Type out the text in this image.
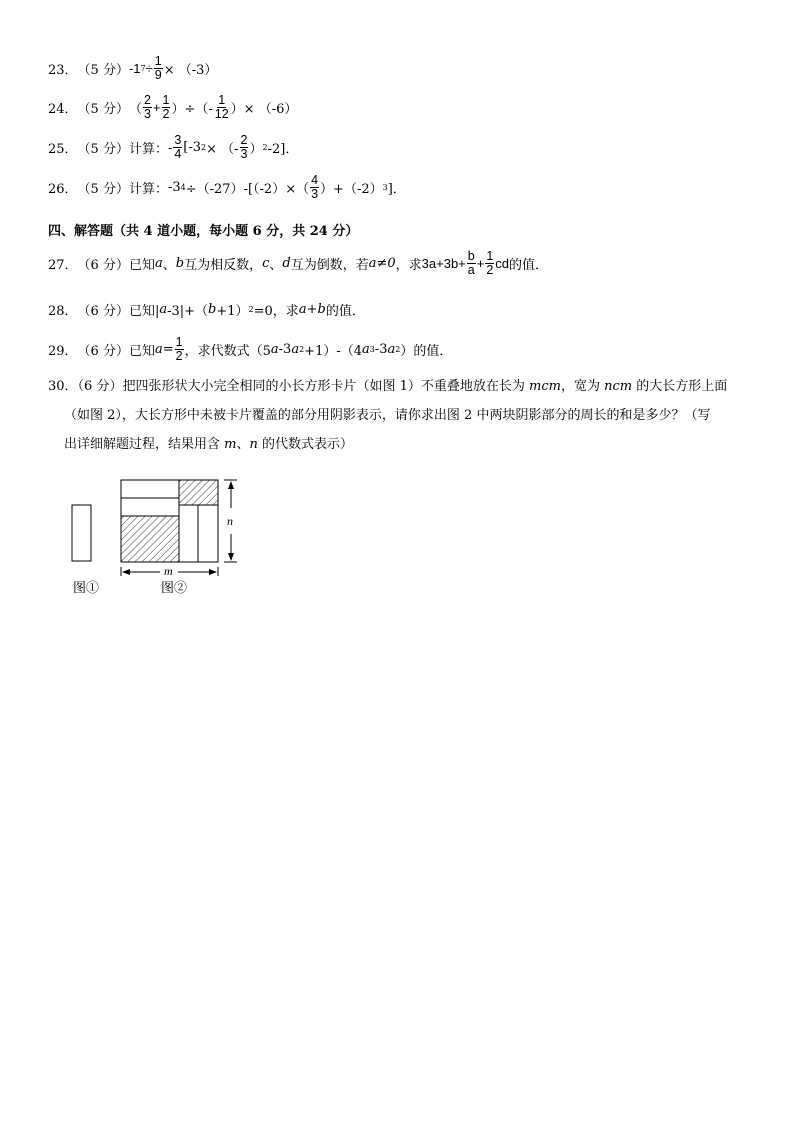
23． （5 分） -1 $7 \div \frac{1}{9} \times (-3)$
24． （5 分） （ $\frac{2}{3} + \frac{1}{2}$ ）÷（- $\frac{1}{12}$ ）× （-6）
25． （5 分） 计算： - $\frac{3}{4} [-3$ 2 × （- $\frac{2}{3}$ ） 2 -2]．
26． （5 分） 计算： -3 $4 \div(-27)-[(-2)\times( \frac{4}{3} )+(-2)$ 3 ]．
四、解答题（共 4 道小题，每小题 6 分，共 24 分）
27． （6 分） 已知 a 、 b 互为相反数， c 、 d 互为倒数，若 a≠0 ，求 $3a+3b+ \frac{b}{a} + \frac{1}{2}$ cd 的值．
28． （6 分） 已知| a -3|+（ b +1） 2 =0，求 a + b 的值．
29． （6 分） 已知 $a = \frac{1}{2}$ ，求代数式（5 a -3 a 2 +1）-（4 a 3 -3 a 2 ）的值．
30．（6 分）把四张形状大小完全相同的小长方形卡片（如图 1）不重叠地放在长为 mcm，宽为 ncm 的大长方形上面
（如图 2），大长方形中未被卡片覆盖的部分用阴影表示，请你求出图 2 中两块阴影部分的周长的和是多少？（写
出详细解题过程，结果用含 m、n 的代数式表示）
图①
n
m
图②
